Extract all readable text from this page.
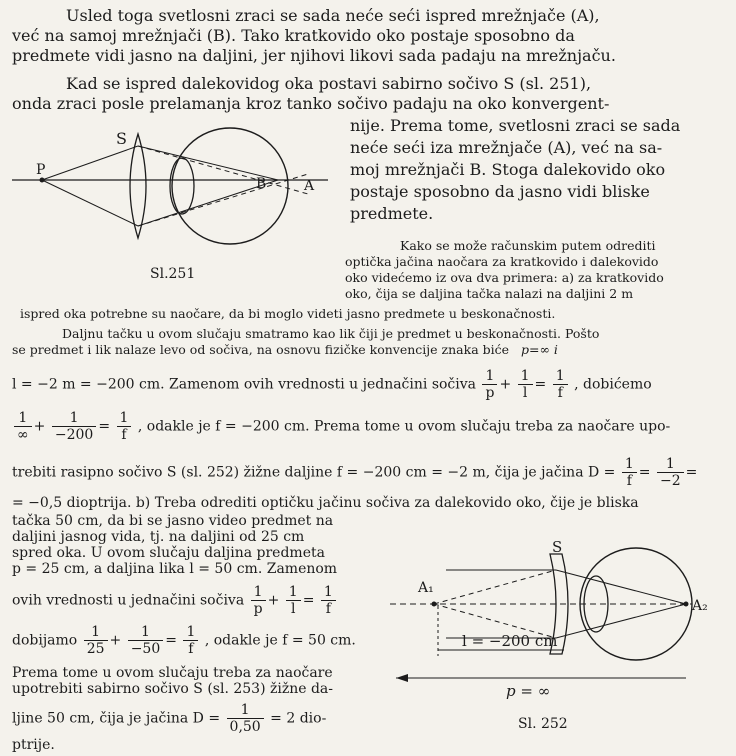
Usled toga svetlosni zraci se sada neće seći ispred mrežnjače (A),
već na samoj mrežnjači (B). Tako kratkovido oko postaje sposobno da
predmete vidi jasno na daljini, jer njihovi likovi sada padaju na mrežnjaču.
Kad se ispred dalekovidog oka postavi sabirno sočivo S (sl. 251),
onda zraci posle prelamanja kroz tanko sočivo padaju na oko konvergent-
nije. Prema tome, svetlosni zraci se sada
neće seći iza mrežnjače (A), već na sa-
moj mrežnjači B. Stoga dalekovido oko
postaje sposobno da jasno vidi bliske
predmete.
S
P
B	A
Sl.251
Kako se može računskim putem odrediti
optička jačina naočara za kratkovido i dalekovido
oko videćemo iz ova dva primera: a) za kratkovido
oko, čija se daljina tačka nalazi na daljini 2 m
ispred oka potrebne su naočare, da bi moglo videti jasno predmete u beskonačnosti.
Daljnu tačku u ovom slučaju smatramo kao lik čiji je predmet u beskonačnosti. Pošto
se predmet i lik nalaze levo od sočiva, na osnovu fizičke konvencije znaka biće p=∞ i
l = −2 m = −200 cm. Zamenom ovih vrednosti u jednačini sočiva $\frac{1}{p} + \frac{1}{l} = \frac{1}{f}$ , dobićemo
$\frac{1}{\infty} + \frac{1}{-200} = \frac{1}{f}$ , odakle je f = −200 cm. Prema tome u ovom slučaju treba za naočare upo-
trebiti rasipno sočivo S (sl. 252) žižne daljine f = −200 cm = −2 m, čija je jačina $D = \frac{1}{f} = \frac{1}{-2}$ =
= −0,5 dioptrija. b) Treba odrediti optičku jačinu sočiva za dalekovido oko, čije je bliska
tačka 50 cm, da bi se jasno video predmet na
daljini jasnog vida, tj. na daljini od 25 cm
spred oka. U ovom slučaju daljina predmeta
p = 25 cm, a daljina lika l = 50 cm. Zamenom
ovih vrednosti u jednačini sočiva $\frac{1}{p} + \frac{1}{l} = \frac{1}{f}$
dobijamo $\frac{1}{25} + \frac{1}{-50} = \frac{1}{f}$ , odakle je f = 50 cm.
Prema tome u ovom slučaju treba za naočare
upotrebiti sabirno sočivo S (sl. 253) žižne da-
ljine 50 cm, čija je jačina $D = \frac{1}{0,50} = 2$ dio-
ptrije.
S
A₁
A₂
l = −200 cm
p = ∞
Sl. 252
